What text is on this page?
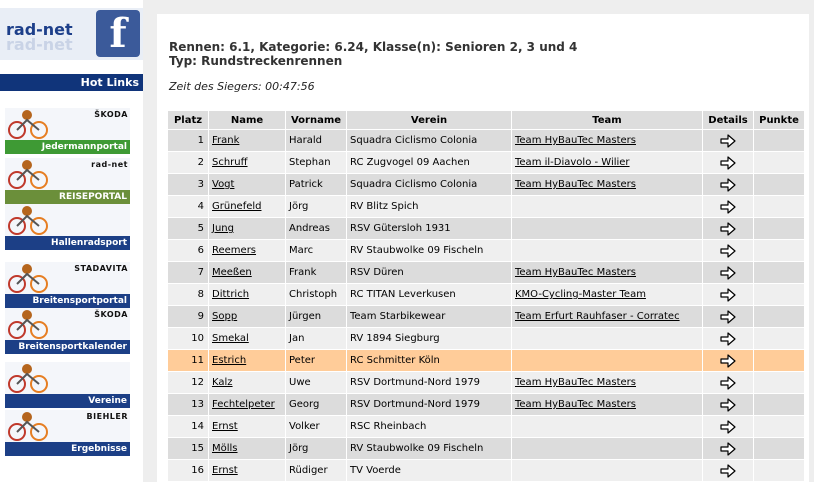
rad-net
rad-net f
Hot Links
ŠKODA
Jedermannportal
rad-net
REISEPORTAL
Hallenradsport
STADAVITA
Breitensportportal
ŠKODA
Breitensportkalender
Vereine
BIEHLER
Ergebnisse
Rennen: 6.1, Kategorie: 6.24, Klasse(n): Senioren 2, 3 und 4
Typ: Rundstreckenrennen
Zeit des Siegers: 00:47:56
Platz	Name	Vorname	Verein	Team	Details	Punkte
1	Frank	Harald	Squadra Ciclismo Colonia	Team HyBauTec Masters	

2	Schruff	Stephan	RC Zugvogel 09 Aachen	Team il-Diavolo - Wilier	

3	Vogt	Patrick	Squadra Ciclismo Colonia	Team HyBauTec Masters	

4	Grünefeld	Jörg	RV Blitz Spich		

5	Jung	Andreas	RSV Gütersloh 1931		

6	Reemers	Marc	RV Staubwolke 09 Fischeln		

7	Meeßen	Frank	RSV Düren	Team HyBauTec Masters	

8	Dittrich	Christoph	RC TITAN Leverkusen	KMO-Cycling-Master Team	

9	Sopp	Jürgen	Team Starbikewear	Team Erfurt Rauhfaser - Corratec	

10	Smekal	Jan	RV 1894 Siegburg		

11	Estrich	Peter	RC Schmitter Köln		

12	Kalz	Uwe	RSV Dortmund-Nord 1979	Team HyBauTec Masters	

13	Fechtelpeter	Georg	RSV Dortmund-Nord 1979	Team HyBauTec Masters	

14	Ernst	Volker	RSC Rheinbach		

15	Mölls	Jörg	RV Staubwolke 09 Fischeln		

16	Ernst	Rüdiger	TV Voerde		
